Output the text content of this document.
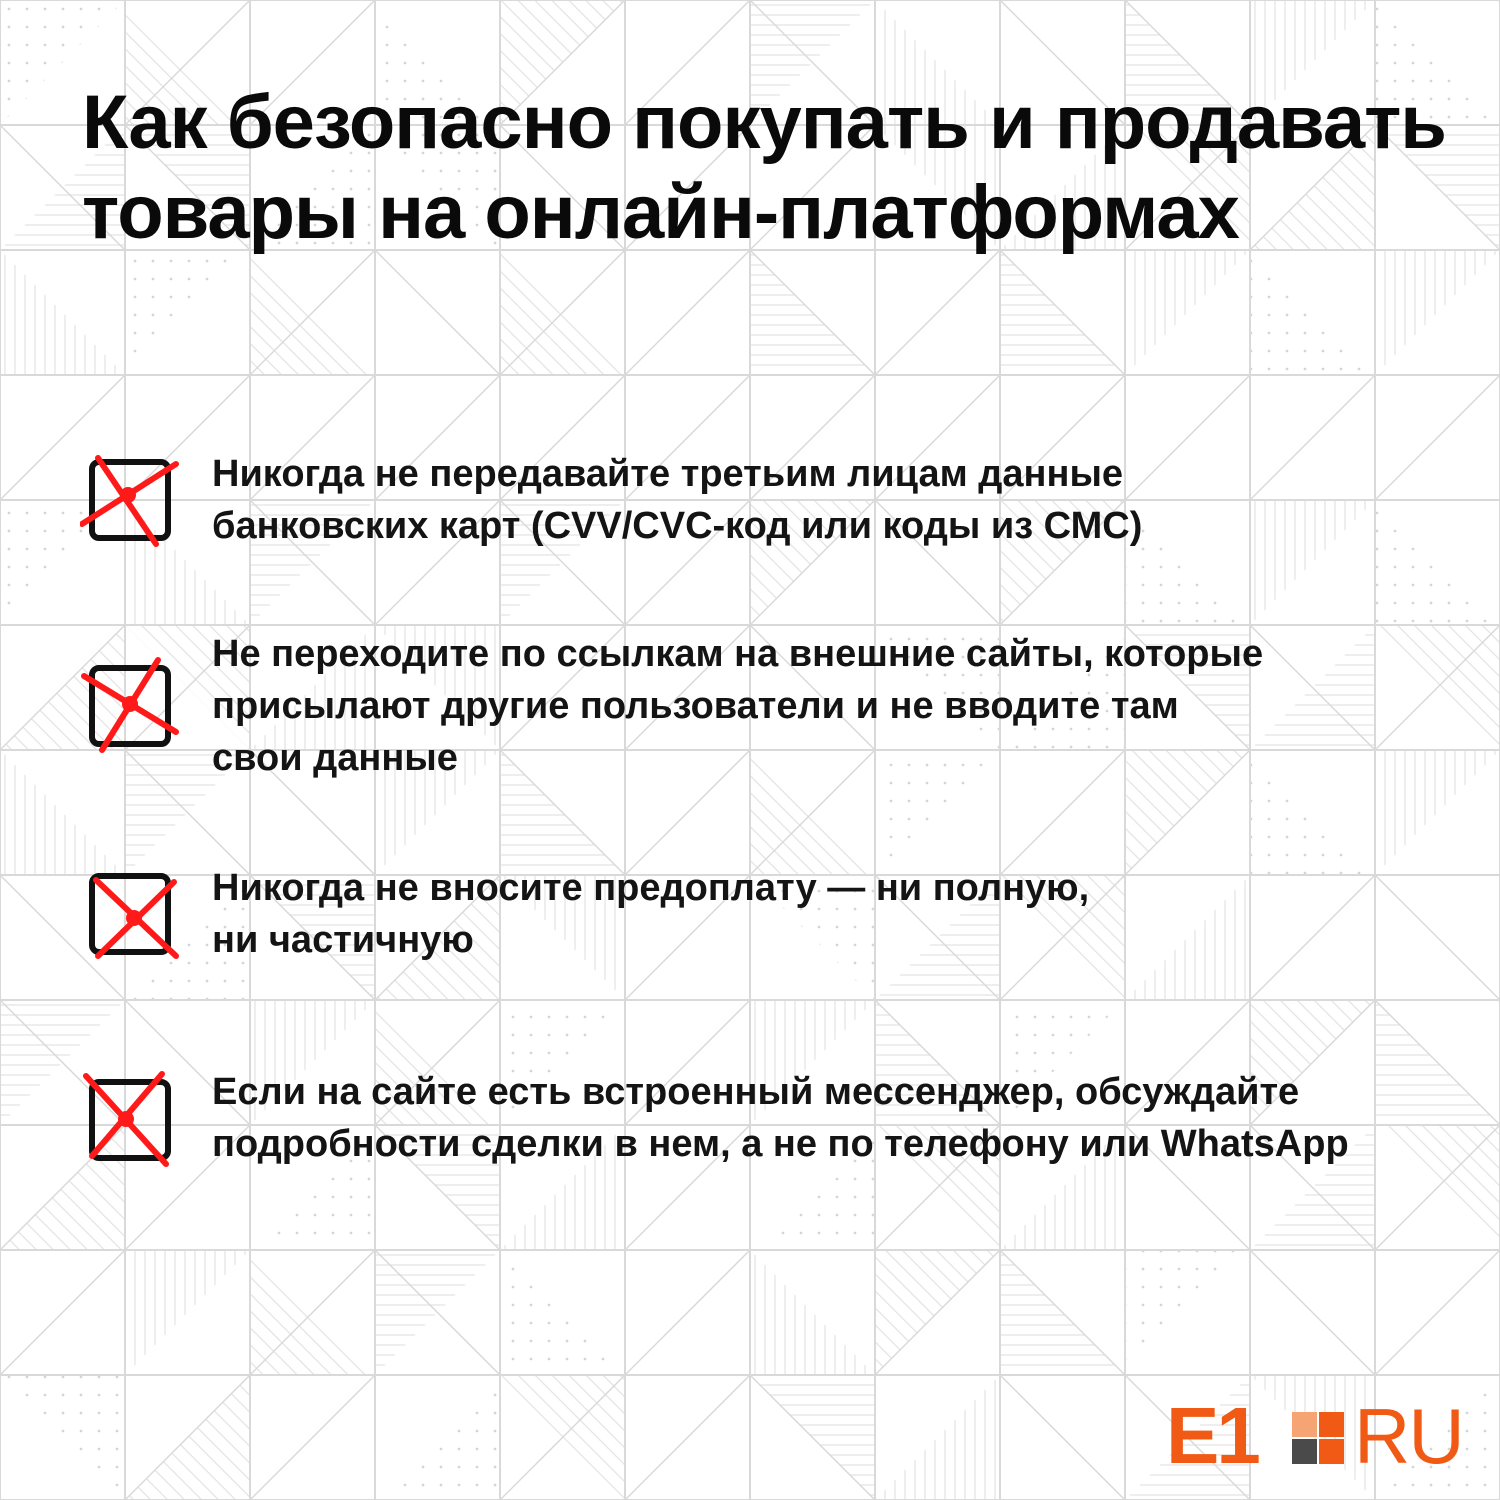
Как безопасно покупать и продавать
товары на онлайн-платформах
Никогда не передавайте третьим лицам данные
банковских карт (CVV/CVC-код или коды из СМС)
Не переходите по ссылкам на внешние сайты, которые
присылают другие пользователи и не вводите там
свои данные
Никогда не вносите предоплату — ни полную,
ни частичную
Если на сайте есть встроенный мессенджер, обсуждайте
подробности сделки в нем, а не по телефону или WhatsApp
E1 RU
